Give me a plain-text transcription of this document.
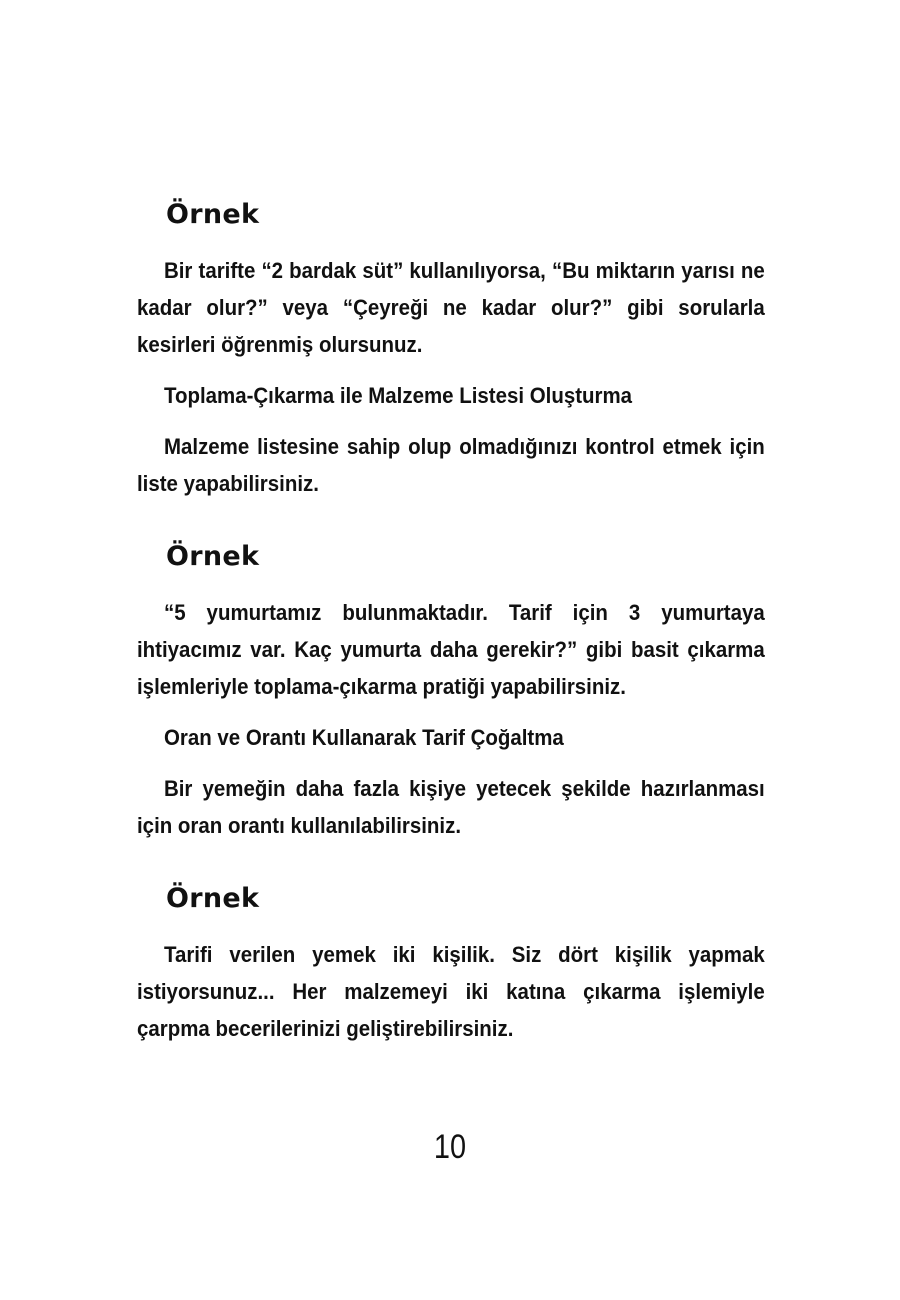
Örnek

Bir tarifte “2 bardak süt” kullanılıyorsa, “Bu miktarın yarısı ne kadar olur?” veya “Çeyreği ne kadar olur?” gibi sorularla kesirleri öğrenmiş olursunuz.

Toplama-Çıkarma ile Malzeme Listesi Oluşturma

Malzeme listesine sahip olup olmadığınızı kontrol etmek için liste yapabilirsiniz.

Örnek

“5 yumurtamız bulunmaktadır. Tarif için 3 yumurtaya ihtiyacımız var. Kaç yumurta daha gerekir?” gibi basit çıkarma işlemleriyle toplama-çıkarma pratiği yapabilirsiniz.

Oran ve Orantı Kullanarak Tarif Çoğaltma

Bir yemeğin daha fazla kişiye yetecek şekilde hazırlanması için oran orantı kullanılabilirsiniz.

Örnek

Tarifi verilen yemek iki kişilik. Siz dört kişilik yapmak istiyorsunuz... Her malzemeyi iki katına çıkarma işlemiyle çarpma becerilerinizi geliştirebilirsiniz.

10
